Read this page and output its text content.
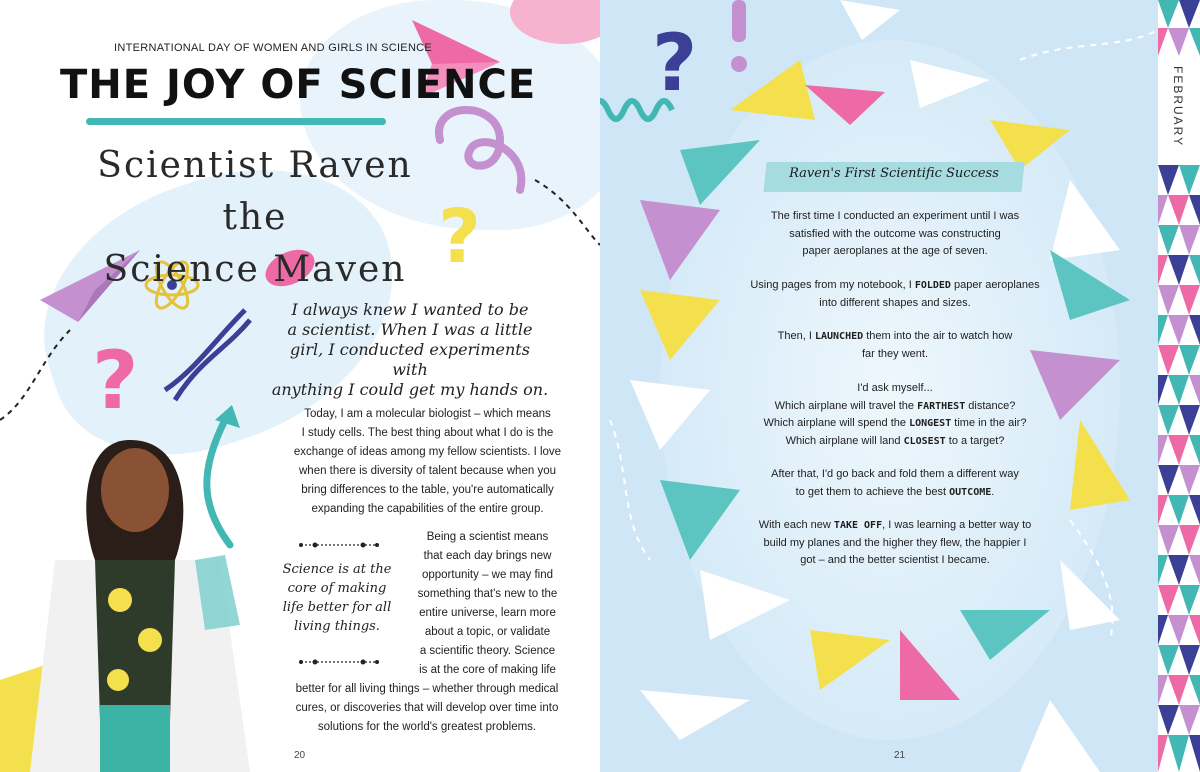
?
?
INTERNATIONAL DAY OF WOMEN AND GIRLS IN SCIENCE
THE JOY OF SCIENCE
Scientist Raven the
Science Maven
I always knew I wanted to be
a scientist. When I was a little
girl, I conducted experiments with
anything I could get my hands on.
Today, I am a molecular biologist – which means
I study cells. The best thing about what I do is the
exchange of ideas among my fellow scientists. I love
when there is diversity of talent because when you
bring differences to the table, you're automatically
expanding the capabilities of the entire group.
Science is at the
core of making
life better for all
living things.
Being a scientist means
that each day brings new
opportunity – we may find
something that's new to the
entire universe, learn more
about a topic, or validate
a scientific theory. Science
is at the core of making life
better for all living things – whether through medical
cures, or discoveries that will develop over time into
solutions for the world's greatest problems.
20
?
Raven's First Scientific Success
The first time I conducted an experiment until I was
satisfied with the outcome was constructing
paper aeroplanes at the age of seven.
Using pages from my notebook, I FOLDED paper aeroplanes
into different shapes and sizes.
Then, I LAUNCHED them into the air to watch how
far they went.
I'd ask myself...
Which airplane will travel the FARTHEST distance?
Which airplane will spend the LONGEST time in the air?
Which airplane will land CLOSEST to a target?
After that, I'd go back and fold them a different way
to get them to achieve the best OUTCOME.
With each new TAKE OFF, I was learning a better way to
build my planes and the higher they flew, the happier I
got – and the better scientist I became.
21
FEBRUARY
